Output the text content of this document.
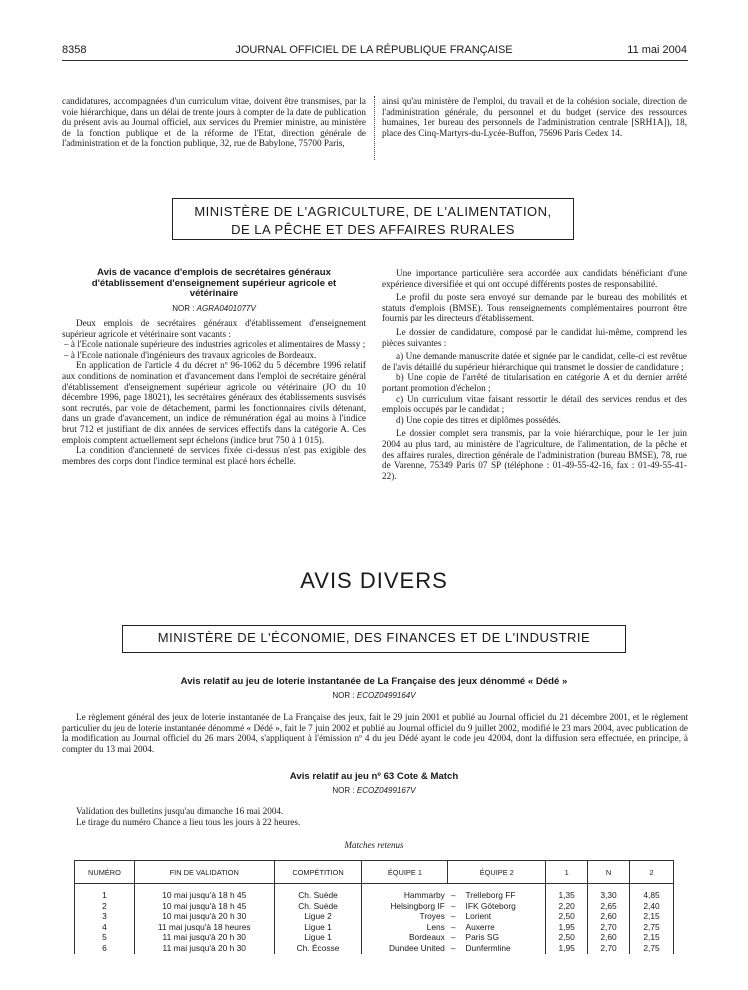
8358	JOURNAL OFFICIEL DE LA RÉPUBLIQUE FRANÇAISE	11 mai 2004
candidatures, accompagnées d'un curriculum vitae, doivent être transmises, par la voie hiérarchique, dans un délai de trente jours à compter de la date de publication du présent avis au Journal officiel, aux services du Premier ministre, au ministère de la fonction publique et de la réforme de l'Etat, direction générale de l'administration et de la fonction publique, 32, rue de Babylone, 75700 Paris,
ainsi qu'au ministère de l'emploi, du travail et de la cohésion sociale, direction de l'administration générale, du personnel et du budget (service des ressources humaines, 1er bureau des personnels de l'administration centrale [SRH1A]), 18, place des Cinq-Martyrs-du-Lycée-Buffon, 75696 Paris Cedex 14.
MINISTÈRE DE L'AGRICULTURE, DE L'ALIMENTATION,
DE LA PÊCHE ET DES AFFAIRES RURALES
Avis de vacance d'emplois de secrétaires généraux d'établissement d'enseignement supérieur agricole et vétérinaire
NOR : AGRA0401077V

Deux emplois de secrétaires généraux d'établissement d'enseignement supérieur agricole et vétérinaire sont vacants :

– à l'Ecole nationale supérieure des industries agricoles et alimentaires de Massy ;

– à l'Ecole nationale d'ingénieurs des travaux agricoles de Bordeaux.

En application de l'article 4 du décret nº 96-1062 du 5 décembre 1996 relatif aux conditions de nomination et d'avancement dans l'emploi de secrétaire général d'établissement d'enseignement supérieur agricole ou vétérinaire (JO du 10 décembre 1996, page 18021), les secrétaires généraux des établissements susvisés sont recrutés, par voie de détachement, parmi les fonctionnaires civils détenant, dans un grade d'avancement, un indice de rémunération égal au moins à l'indice brut 712 et justifiant de dix années de services effectifs dans la catégorie A. Ces emplois comptent actuellement sept échelons (indice brut 750 à 1 015).

La condition d'ancienneté de services fixée ci-dessus n'est pas exigible des membres des corps dont l'indice terminal est placé hors échelle.

Une importance particulière sera accordée aux candidats bénéficiant d'une expérience diversifiée et qui ont occupé différents postes de responsabilité.

Le profil du poste sera envoyé sur demande par le bureau des mobilités et statuts d'emplois (BMSE). Tous renseignements complémentaires pourront être fournis par les directeurs d'établissement.

Le dossier de candidature, composé par le candidat lui-même, comprend les pièces suivantes :

a) Une demande manuscrite datée et signée par le candidat, celle-ci est revêtue de l'avis détaillé du supérieur hiérarchique qui transmet le dossier de candidature ;

b) Une copie de l'arrêté de titularisation en catégorie A et du dernier arrêté portant promotion d'échelon ;

c) Un curriculum vitae faisant ressortir le détail des services rendus et des emplois occupés par le candidat ;

d) Une copie des titres et diplômes possédés.

Le dossier complet sera transmis, par la voie hiérarchique, pour le 1er juin 2004 au plus tard, au ministère de l'agriculture, de l'alimentation, de la pêche et des affaires rurales, direction générale de l'administration (bureau BMSE), 78, rue de Varenne, 75349 Paris 07 SP (téléphone : 01-49-55-42-16, fax : 01-49-55-41-22).

AVIS DIVERS
MINISTÈRE DE L'ÉCONOMIE, DES FINANCES ET DE L'INDUSTRIE
Avis relatif au jeu de loterie instantanée de La Française des jeux dénommé « Dédé »
NOR : ECOZ0499164V

Le règlement général des jeux de loterie instantanée de La Française des jeux, fait le 29 juin 2001 et publié au Journal officiel du 21 décembre 2001, et le règlement particulier du jeu de loterie instantanée dénommé « Dédé », fait le 7 juin 2002 et publié au Journal officiel du 9 juillet 2002, modifié le 23 mars 2004, avec publication de la modification au Journal officiel du 26 mars 2004, s'appliquent à l'émission nº 4 du jeu Dédé ayant le code jeu 42004, dont la diffusion sera effectuée, en principe, à compter du 13 mai 2004.

Avis relatif au jeu nº 63 Cote & Match
NOR : ECOZ0499167V

Validation des bulletins jusqu'au dimanche 16 mai 2004.

Le tirage du numéro Chance a lieu tous les jours à 22 heures.

Matches retenus
NUMÉRO	FIN DE VALIDATION	COMPÉTITION	ÉQUIPE 1	ÉQUIPE 2	1	N	2
1	10 mai jusqu'à 18 h 45	Ch. Suède	Hammarby	– Trelleborg FF	1,35	3,30	4,85
2	10 mai jusqu'à 18 h 45	Ch. Suède	Helsingborg IF	– IFK Göteborg	2,20	2,65	2,40
3	10 mai jusqu'à 20 h 30	Ligue 2	Troyes	– Lorient	2,50	2,60	2,15
4	11 mai jusqu'à 18 heures	Ligue 1	Lens	– Auxerre	1,95	2,70	2,75
5	11 mai jusqu'à 20 h 30	Ligue 1	Bordeaux	– Paris SG	2,50	2,60	2,15
6	11 mai jusqu'à 20 h 30	Ch. Écosse	Dundee United	– Dunfermline	1,95	2,70	2,75
